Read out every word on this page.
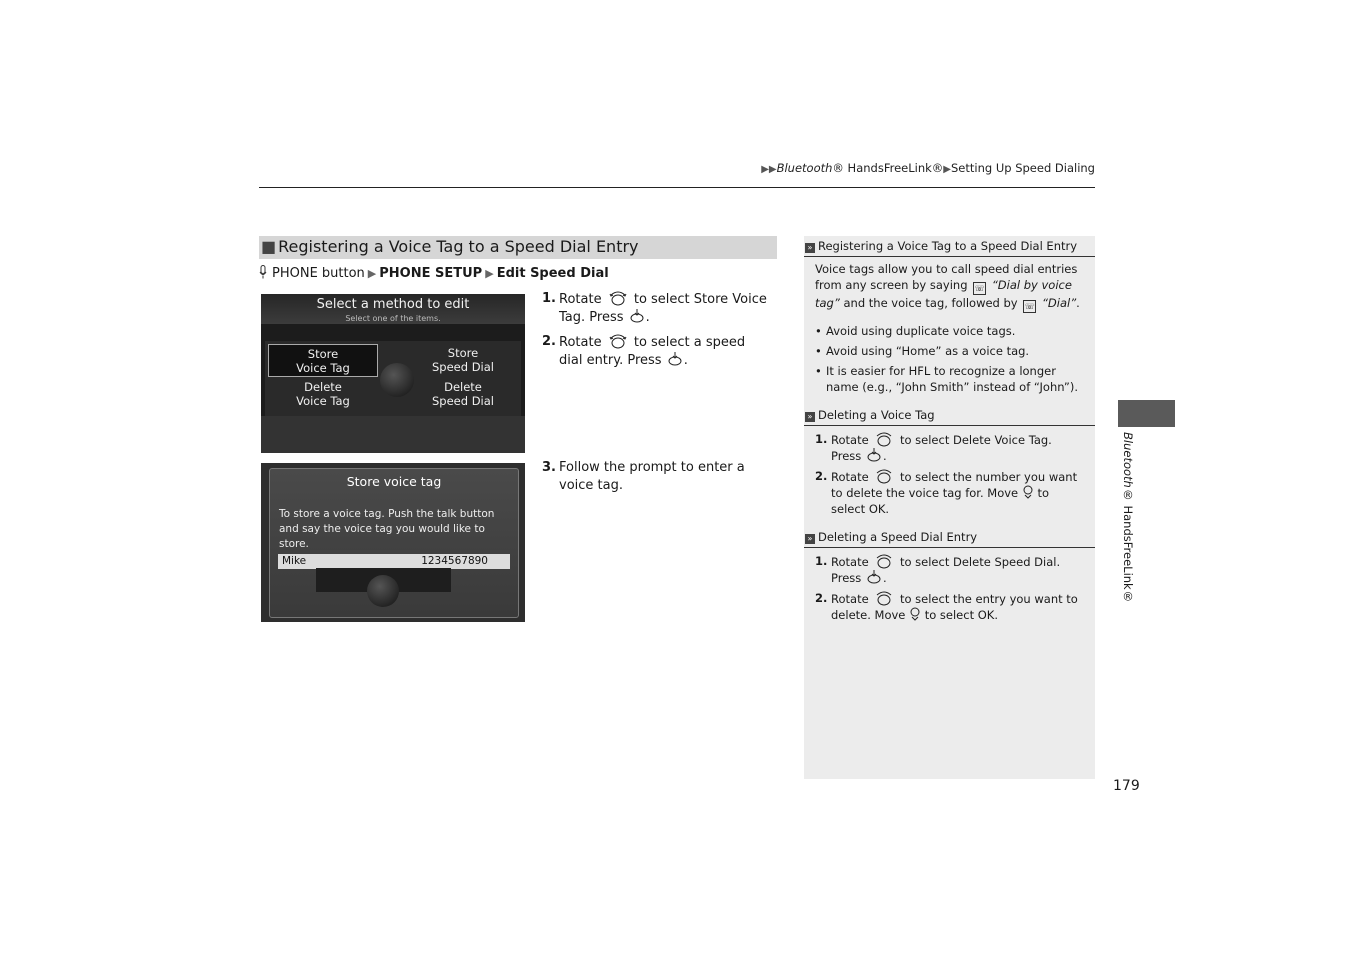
▶▶Bluetooth® HandsFreeLink®▶Setting Up Speed Dialing
■ Registering a Voice Tag to a Speed Dial Entry
PHONE button ▶ PHONE SETUP ▶ Edit Speed Dial
Select a method to edit
Select one of the items.
Store
Voice Tag
Store
Speed Dial
Delete
Voice Tag
Delete
Speed Dial
Store voice tag
To store a voice tag. Push the talk button and say the voice tag you would like to store.
Mike	1234567890
1. Rotate to select Store Voice Tag. Press .
2. Rotate to select a speed dial entry. Press .
3. Follow the prompt to enter a voice tag.
» Registering a Voice Tag to a Speed Dial Entry

Voice tags allow you to call speed dial entries from any screen by saying ☏ “Dial by voice tag” and the voice tag, followed by ☏ “Dial”.

• Avoid using duplicate voice tags.
• Avoid using “Home” as a voice tag.
• It is easier for HFL to recognize a longer name (e.g., “John Smith” instead of “John”).
» Deleting a Voice Tag
1. Rotate	to select Delete Voice Tag. Press .
2. Rotate	to select the number you want to delete the voice tag for. Move to select OK.
» Deleting a Speed Dial Entry
1. Rotate	to select Delete Speed Dial. Press .
2. Rotate	to select the entry you want to delete. Move to select OK.
Bluetooth® HandsFreeLink®
179
